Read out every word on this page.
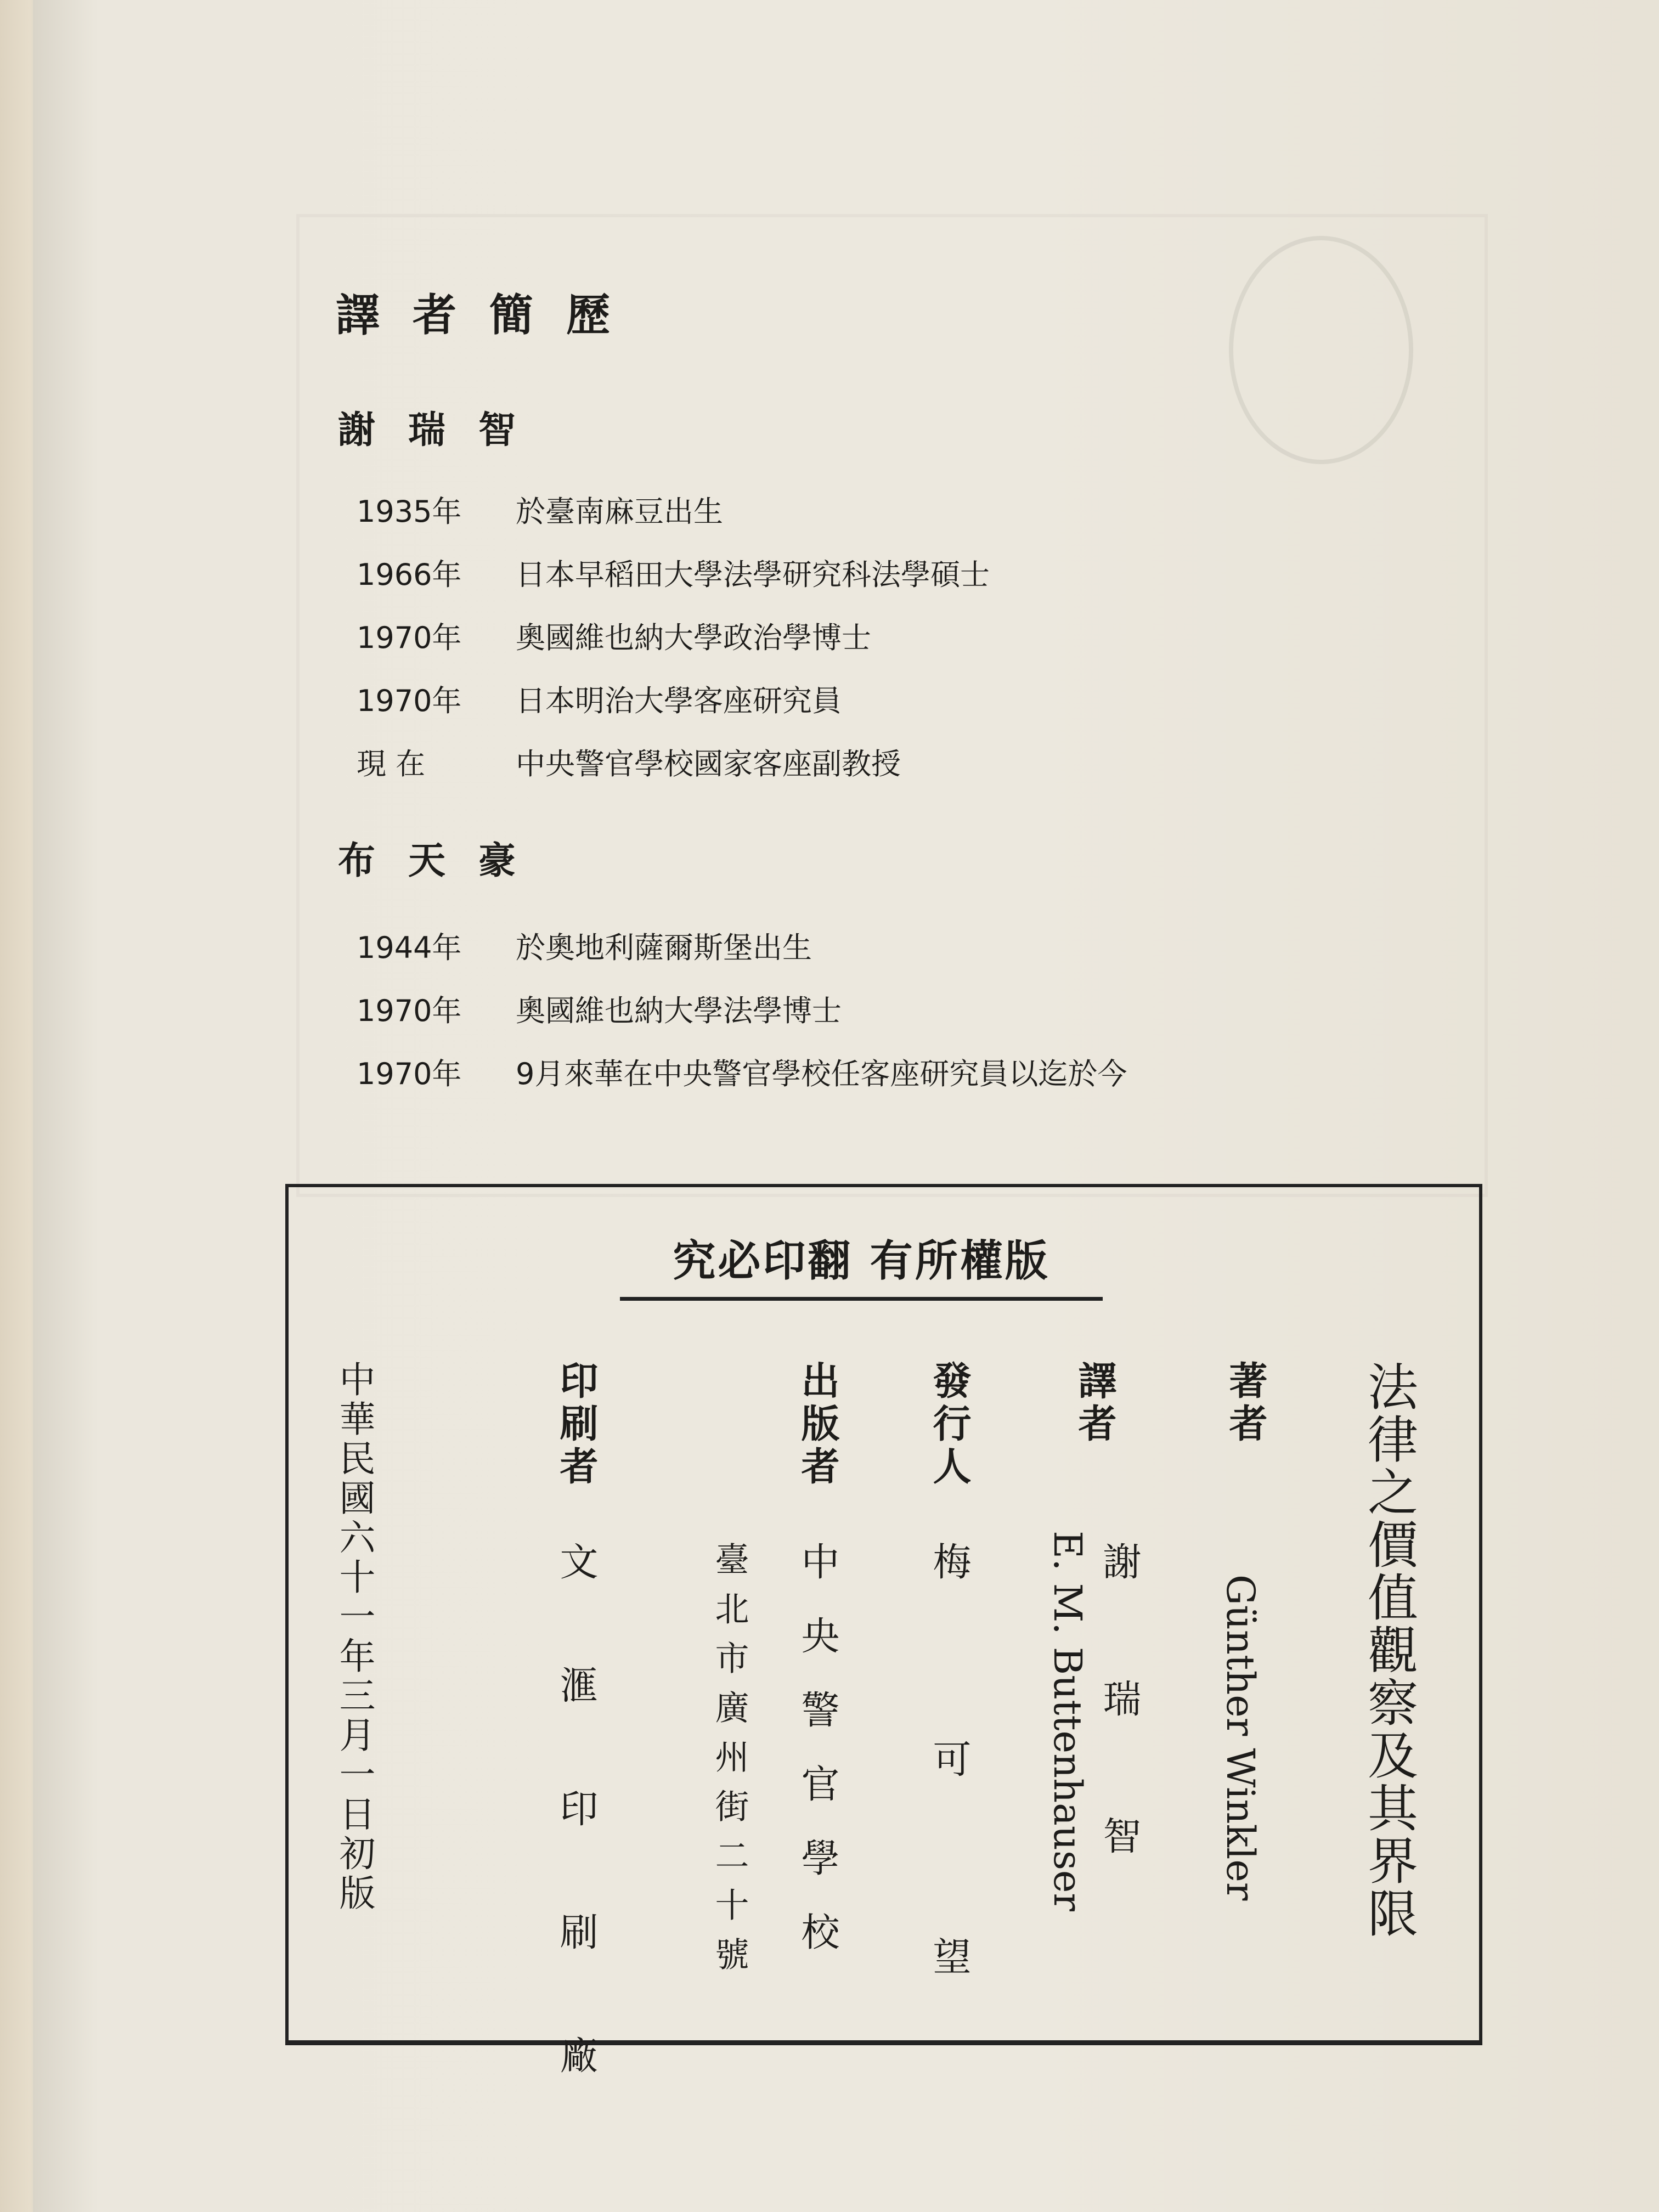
譯者簡歷
謝瑞智
1935年 於臺南麻豆出生
1966年 日本早稻田大學法學研究科法學碩士
1970年 奧國維也納大學政治學博士
1970年 日本明治大學客座研究員
現 在	中央警官學校國家客座副教授
布天豪
1944年 於奧地利薩爾斯堡出生
1970年 奧國維也納大學法學博士
1970年 9月來華在中央警官學校任客座研究員以迄於今
究必印翻 有所權版
法律之價值觀察及其界限
著者
Günther Winkler
譯者
謝瑞智
E. M. Buttenhauser
發行人
梅可望
出版者
中央警官學校
臺北市廣州街二十號
印刷者
文滙印刷廠
中華民國六十一年三月一日初版
